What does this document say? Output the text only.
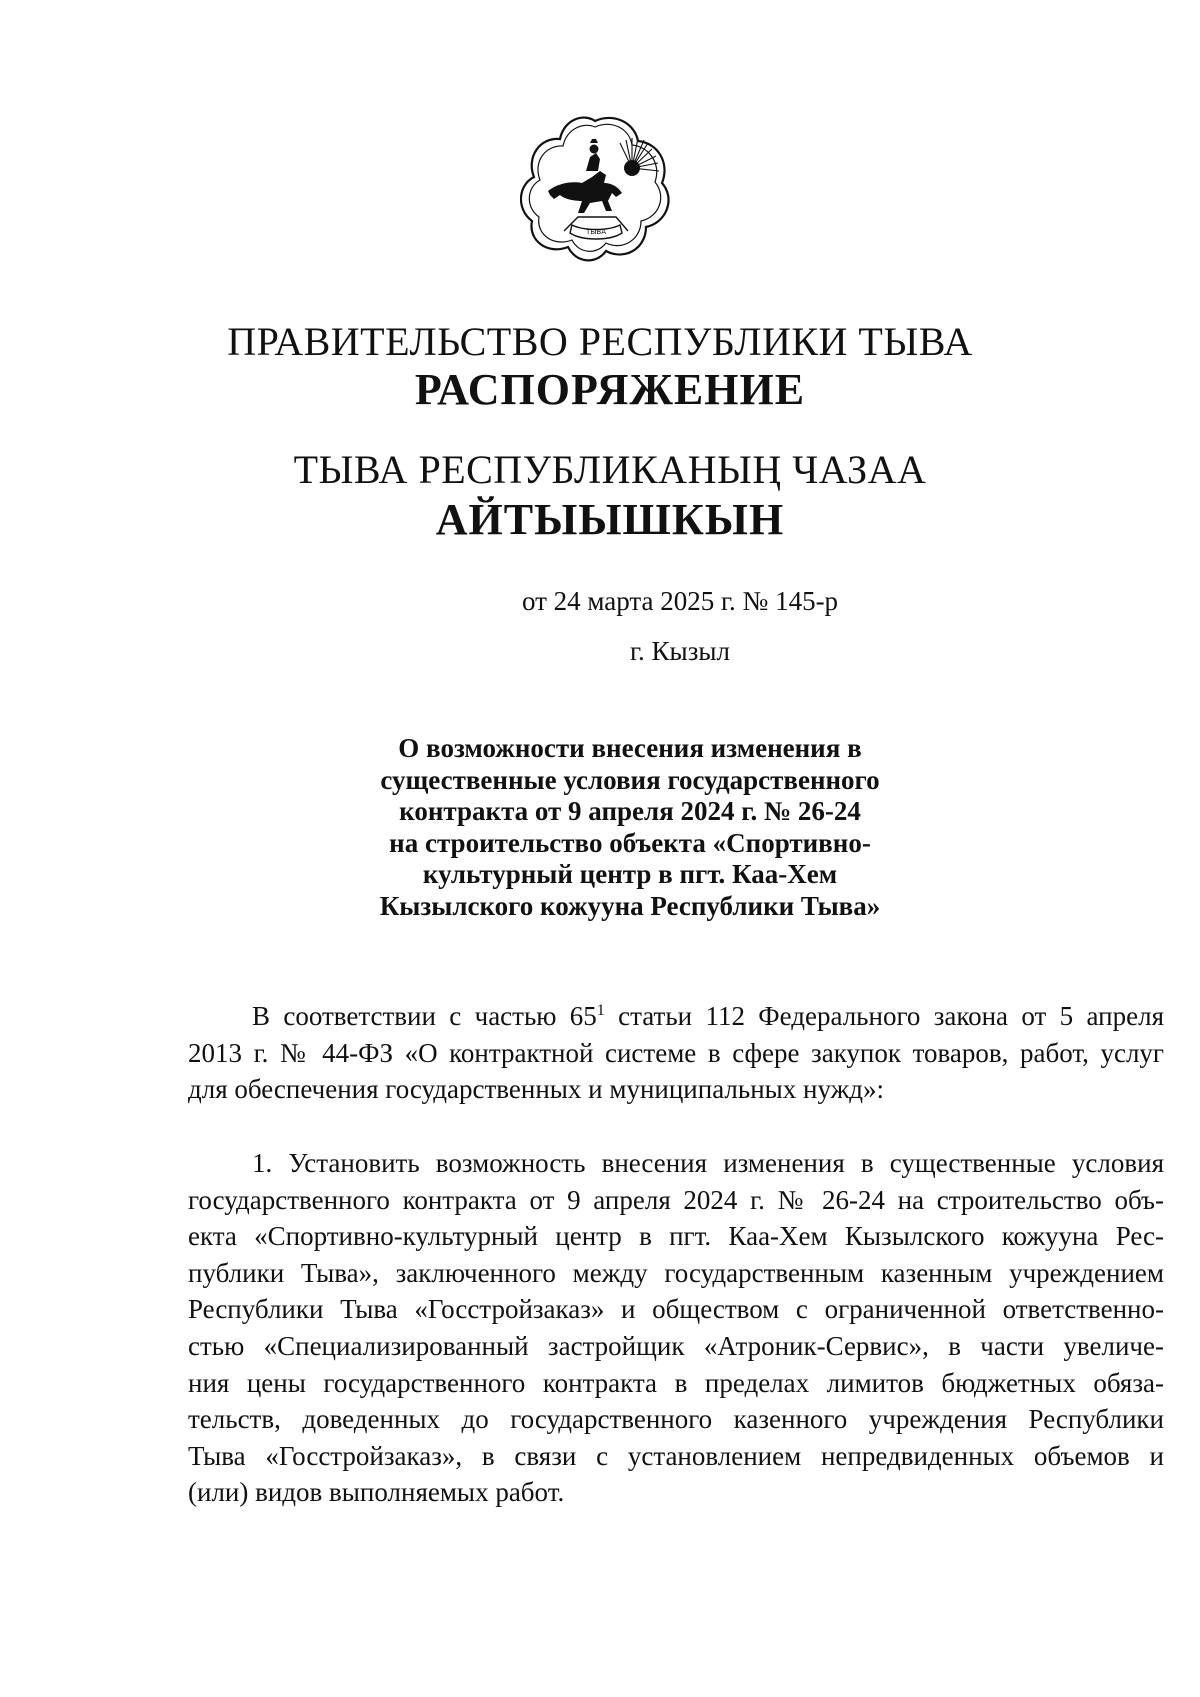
ТЫВА
ПРАВИТЕЛЬСТВО РЕСПУБЛИКИ ТЫВА
РАСПОРЯЖЕНИЕ
ТЫВА РЕСПУБЛИКАНЫҢ ЧАЗАА
АЙТЫЫШКЫН
от 24 марта 2025 г. № 145-р
г. Кызыл
О возможности внесения изменения в
существенные условия государственного
контракта от 9 апреля 2024 г. № 26-24
на строительство объекта «Спортивно-
культурный центр в пгт. Каа-Хем
Кызылского кожууна Республики Тыва»
В соответствии с частью $65^1$ статьи 112 Федерального закона от 5 апреля
2013 г. № 44-ФЗ «О контрактной системе в сфере закупок товаров, работ, услуг
для обеспечения государственных и муниципальных нужд»:
1. Установить возможность внесения изменения в существенные условия
государственного контракта от 9 апреля 2024 г. № 26-24 на строительство объ-
екта «Спортивно-культурный центр в пгт. Каа-Хем Кызылского кожууна Рес-
публики Тыва», заключенного между государственным казенным учреждением
Республики Тыва «Госстройзаказ» и обществом с ограниченной ответственно-
стью «Специализированный застройщик «Атроник-Сервис», в части увеличе-
ния цены государственного контракта в пределах лимитов бюджетных обяза-
тельств, доведенных до государственного казенного учреждения Республики
Тыва «Госстройзаказ», в связи с установлением непредвиденных объемов и
(или) видов выполняемых работ.
